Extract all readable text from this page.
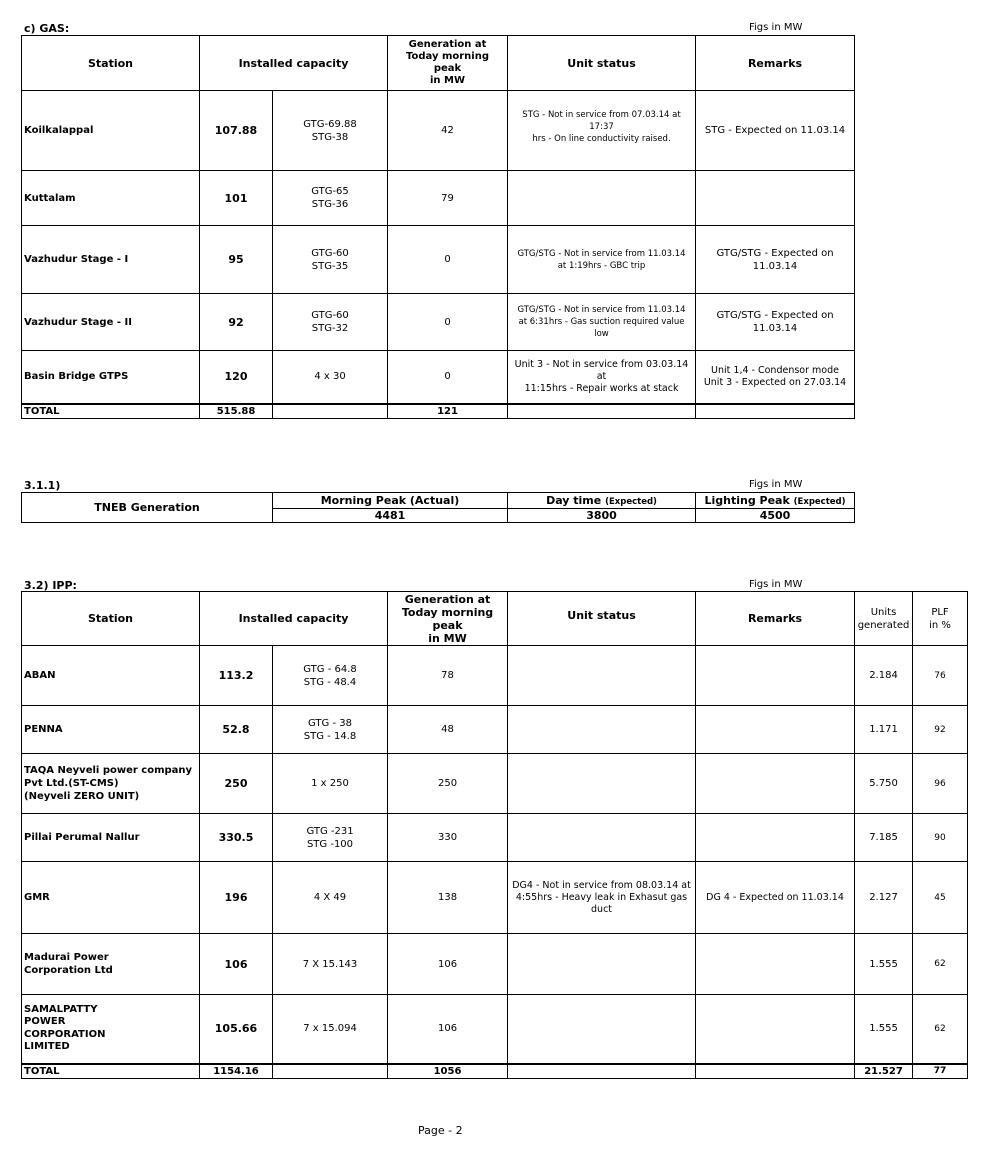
c) GAS:	Figs in MW
Station	Installed capacity		Generation at
Today morning
peak
in MW	Unit status	Remarks
Koilkalappal	107.88	GTG-69.88
STG-38	42	STG - Not in service from 07.03.14 at 17:37
hrs - On line conductivity raised.	STG - Expected on 11.03.14

Kuttalam	101	GTG-65
STG-36	79		
Vazhudur Stage - I	95	GTG-60
STG-35	0	GTG/STG - Not in service from 11.03.14
at 1:19hrs - GBC trip	GTG/STG - Expected on
11.03.14

Vazhudur Stage - II	92	GTG-60
STG-32	0	GTG/STG - Not in service from 11.03.14
at 6:31hrs - Gas suction required value
low	GTG/STG - Expected on
11.03.14

Basin Bridge GTPS	120	4 x 30	0	Unit 3 - Not in service from 03.03.14 at
11:15hrs - Repair works at stack	Unit 1,4 - Condensor mode
Unit 3 - Expected on 27.03.14

TOTAL	515.88		121		
3.1.1)	Figs in MW
TNEB Generation	Morning Peak (Actual)	Day time (Expected)	Lighting Peak (Expected)
	4481	3800	4500
3.2) IPP:	Figs in MW
Station	Installed capacity		Generation at
Today morning peak
in MW	Unit status	Remarks	Units
generated	PLF
in %

ABAN	113.2	GTG - 64.8
STG - 48.4	78			2.184	76
PENNA	52.8	GTG - 38
STG - 14.8	48			1.171	92

TAQA Neyveli power company
Pvt Ltd.(ST-CMS)
(Neyveli ZERO UNIT)	250	1 x 250	250			5.750	96
Pillai Perumal Nallur	330.5	GTG -231
STG -100	330			7.185	90
GMR	196	4 X 49	138	DG4 - Not in service from 08.03.14 at
4:55hrs - Heavy leak in Exhasut gas duct	DG 4 - Expected on 11.03.14	2.127	45

Madurai Power
Corporation Ltd	106	7 X 15.143	106			1.555	62

SAMALPATTY
POWER
CORPORATION
LIMITED	105.66	7 x 15.094	106			1.555	62
TOTAL	1154.16		1056			21.527	77
Page - 2
